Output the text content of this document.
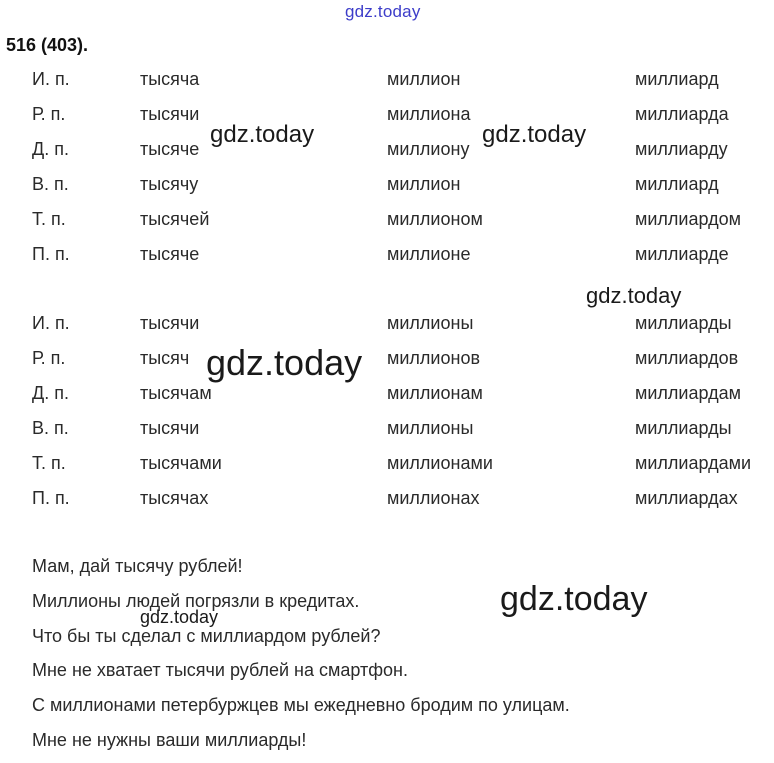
gdz.today
516 (403).
И. п.	тысяча	миллион	миллиард
Р. п.	тысячи	миллиона	миллиарда
Д. п.	тысяче	миллиону	миллиарду
В. п.	тысячу	миллион	миллиард
Т. п.	тысячей	миллионом	миллиардом
П. п.	тысяче	миллионе	миллиарде
И. п.	тысячи	миллионы	миллиарды
Р. п.	тысяч	миллионов	миллиардов
Д. п.	тысячам	миллионам	миллиардам
В. п.	тысячи	миллионы	миллиарды
Т. п.	тысячами	миллионами	миллиардами
П. п.	тысячах	миллионах	миллиардах
Мам, дай тысячу рублей!
Миллионы людей погрязли в кредитах.
Что бы ты сделал с миллиардом рублей?
Мне не хватает тысячи рублей на смартфон.
С миллионами петербуржцев мы ежедневно бродим по улицам.
Мне не нужны ваши миллиарды!
gdz.today	gdz.today
gdz.today
gdz.today
gdz.today
gdz.today
